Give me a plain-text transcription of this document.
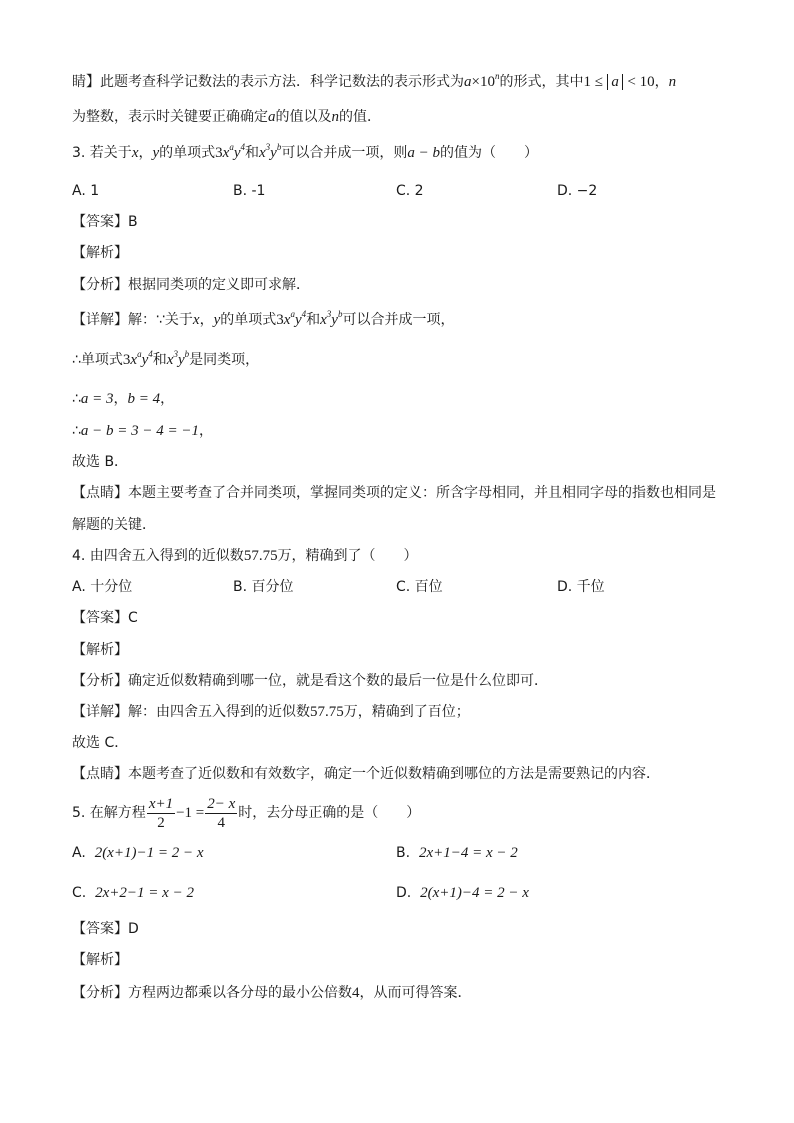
睛】此题考查科学记数法的表示方法．科学记数法的表示形式为$a\times 10^n$的形式，其中1 ≤ a < 10，n
为整数，表示时关键要正确确定a的值以及n的值．
3. 若关于x，y的单项式$3x^ay^4$和$x^3y^b$可以合并成一项，则a − b的值为（　　）
A. 1	B. -1	C. 2	D. −2
【答案】B
【解析】
【分析】根据同类项的定义即可求解．
【详解】解：∵关于x，y的单项式$3x^ay^4$和$x^3y^b$可以合并成一项，
∴单项式$3x^ay^4$和$x^3y^b$是同类项，
∴a = 3，b = 4，
∴a − b = 3 − 4 = −1，
故选 B．
【点睛】本题主要考查了合并同类项，掌握同类项的定义：所含字母相同，并且相同字母的指数也相同是
解题的关键．
4. 由四舍五入得到的近似数57.75万，精确到了（　　）
A. 十分位	B. 百分位	C. 百位	D. 千位
【答案】C
【解析】
【分析】确定近似数精确到哪一位，就是看这个数的最后一位是什么位即可．
【详解】解：由四舍五入得到的近似数57.75万，精确到了百位；
故选 C．
【点睛】本题考查了近似数和有效数字，确定一个近似数精确到哪位的方法是需要熟记的内容．
5. 在解方程 $\frac{x+1}{2} -1 = \frac{2- x}{4}$ 时，去分母正确的是（　　）
A. 2(x+1)−1 = 2 − x	B. 2x+1−4 = x − 2
C. 2x+2−1 = x − 2	D. 2(x+1)−4 = 2 − x
【答案】D
【解析】
【分析】方程两边都乘以各分母的最小公倍数4，从而可得答案．
